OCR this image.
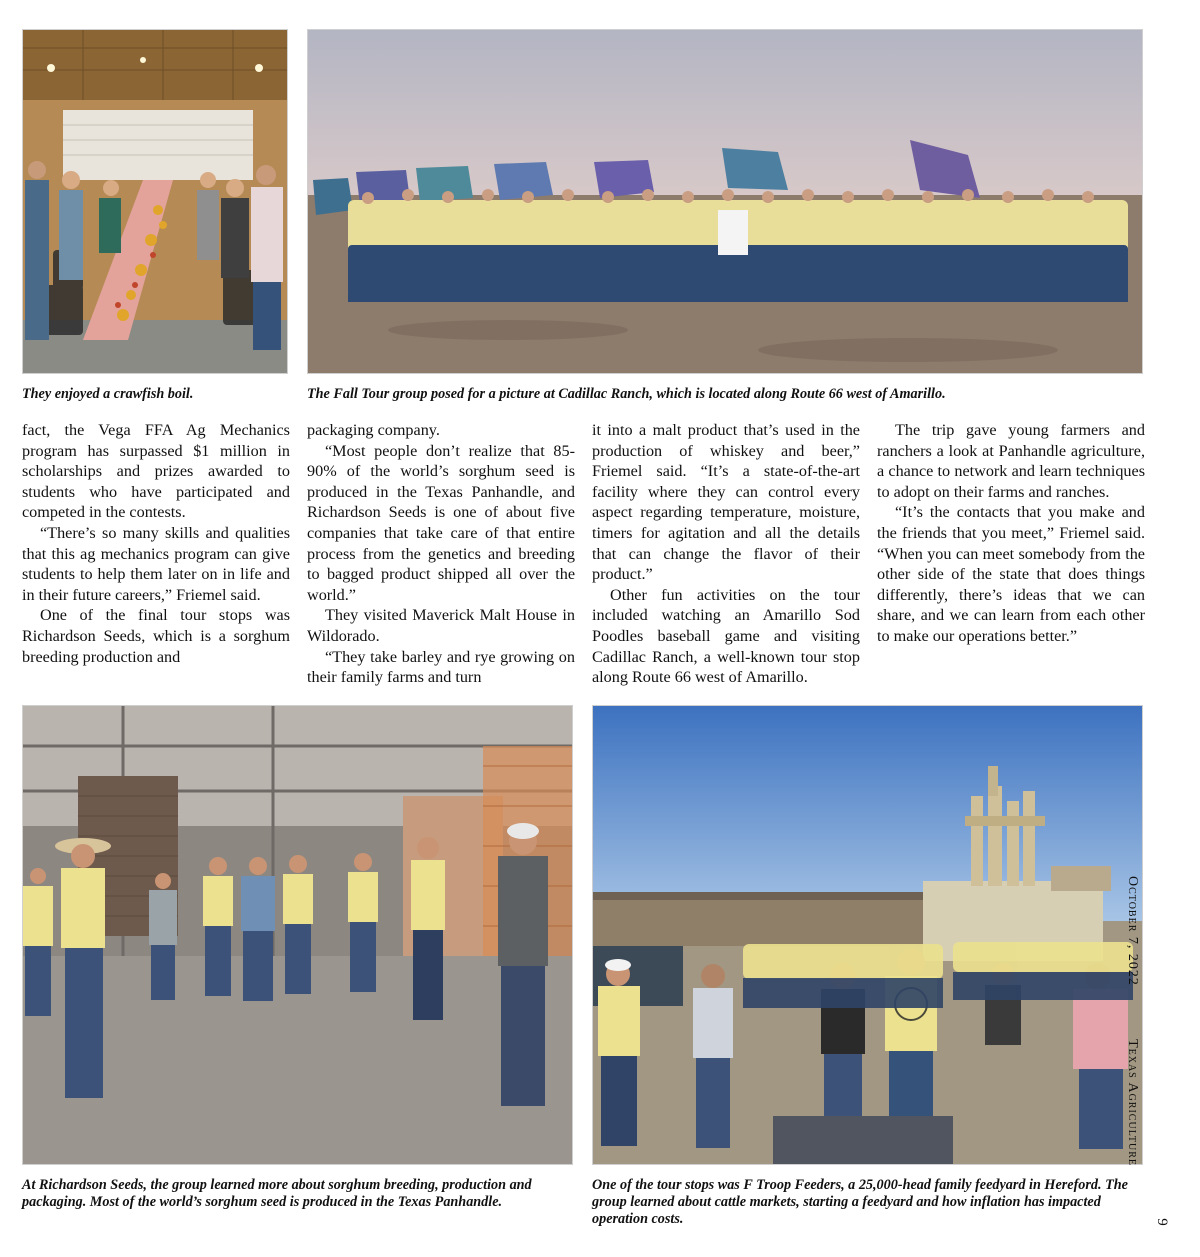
They enjoyed a crawfish boil.	The Fall Tour group posed for a picture at Cadillac Ranch, which is located along Route 66 west of Amarillo.

fact, the Vega FFA Ag Mechanics program has surpassed $1 million in scholarships and prizes awarded to students who have participated and competed in the contests.

“There’s so many skills and qualities that this ag mechanics program can give students to help them later on in life and in their future careers,” Friemel said.

One of the final tour stops was Richardson Seeds, which is a sorghum breeding production and

packaging company.

“Most people don’t realize that 85-90% of the world’s sorghum seed is produced in the Texas Panhandle, and Richardson Seeds is one of about five companies that take care of that entire process from the genetics and breeding to bagged product shipped all over the world.”

They visited Maverick Malt House in Wildorado.

“They take barley and rye growing on their family farms and turn

it into a malt product that’s used in the production of whiskey and beer,” Friemel said. “It’s a state-of-the-art facility where they can control every aspect regarding temperature, moisture, timers for agitation and all the details that can change the flavor of their product.”

Other fun activities on the tour included watching an Amarillo Sod Poodles baseball game and visiting Cadillac Ranch, a well-known tour stop along Route 66 west of Amarillo.

The trip gave young farmers and ranchers a look at Panhandle agriculture, a chance to network and learn techniques to adopt on their farms and ranches.

“It’s the contacts that you make and the friends that you meet,” Friemel said. “When you can meet somebody from the other side of the state that does things differently, there’s ideas that we can share, and we can learn from each other to make our operations better.”

At Richardson Seeds, the group learned more about sorghum breeding, production and packaging. Most of the world’s sorghum seed is produced in the Texas Panhandle.

One of the tour stops was F Troop Feeders, a 25,000-head family feedyard in Hereford. The group learned about cattle markets, starting a feedyard and how inflation has impacted operation costs.

October 7, 2022
Texas Agriculture
9
